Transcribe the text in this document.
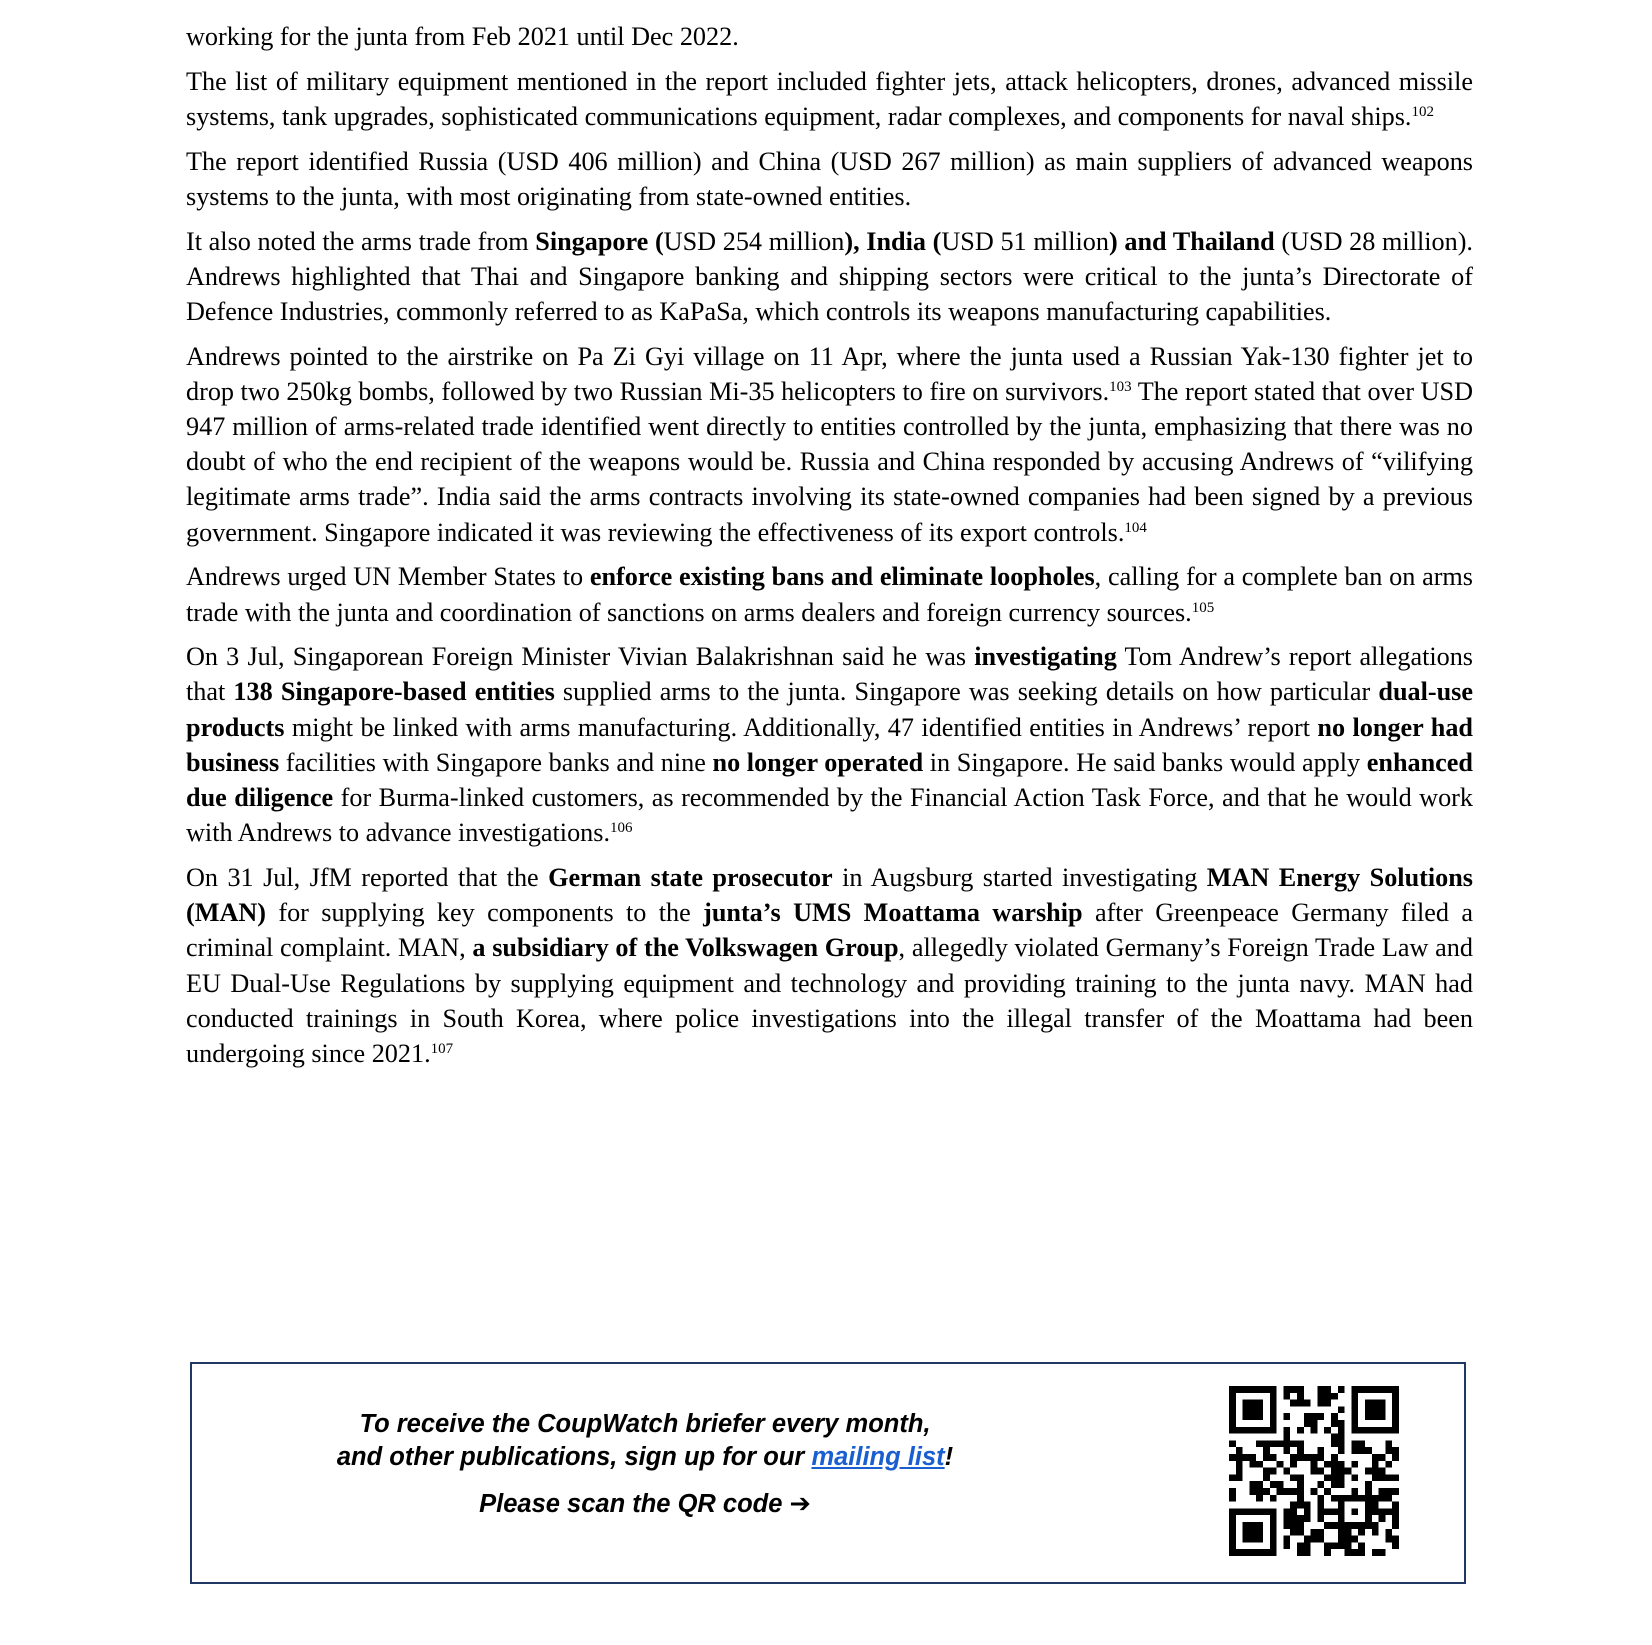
working for the junta from Feb 2021 until Dec 2022.

The list of military equipment mentioned in the report included fighter jets, attack helicopters, drones, advanced missile systems, tank upgrades, sophisticated communications equipment, radar complexes, and components for naval ships.$^{102}$

The report identified Russia (USD 406 million) and China (USD 267 million) as main suppliers of advanced weapons systems to the junta, with most originating from state-owned entities.

It also noted the arms trade from Singapore (USD 254 million), India (USD 51 million) and Thailand (USD 28 million). Andrews highlighted that Thai and Singapore banking and shipping sectors were critical to the junta’s Directorate of Defence Industries, commonly referred to as KaPaSa, which controls its weapons manufacturing capabilities.

Andrews pointed to the airstrike on Pa Zi Gyi village on 11 Apr, where the junta used a Russian Yak-130 fighter jet to drop two 250kg bombs, followed by two Russian Mi-35 helicopters to fire on survivors.$^{103}$ The report stated that over USD 947 million of arms-related trade identified went directly to entities controlled by the junta, emphasizing that there was no doubt of who the end recipient of the weapons would be. Russia and China responded by accusing Andrews of “vilifying legitimate arms trade”. India said the arms contracts involving its state-owned companies had been signed by a previous government. Singapore indicated it was reviewing the effectiveness of its export controls.$^{104}$

Andrews urged UN Member States to enforce existing bans and eliminate loopholes, calling for a complete ban on arms trade with the junta and coordination of sanctions on arms dealers and foreign currency sources.$^{105}$

On 3 Jul, Singaporean Foreign Minister Vivian Balakrishnan said he was investigating Tom Andrew’s report allegations that 138 Singapore-based entities supplied arms to the junta. Singapore was seeking details on how particular dual-use products might be linked with arms manufacturing. Additionally, 47 identified entities in Andrews’ report no longer had business facilities with Singapore banks and nine no longer operated in Singapore. He said banks would apply enhanced due diligence for Burma-linked customers, as recommended by the Financial Action Task Force, and that he would work with Andrews to advance investigations.$^{106}$

On 31 Jul, JfM reported that the German state prosecutor in Augsburg started investigating MAN Energy Solutions (MAN) for supplying key components to the junta’s UMS Moattama warship after Greenpeace Germany filed a criminal complaint. MAN, a subsidiary of the Volkswagen Group, allegedly violated Germany’s Foreign Trade Law and EU Dual-Use Regulations by supplying equipment and technology and providing training to the junta navy. MAN had conducted trainings in South Korea, where police investigations into the illegal transfer of the Moattama had been undergoing since 2021.$^{107}$

To receive the CoupWatch briefer every month,
and other publications, sign up for our mailing list!
Please scan the QR code ➔
